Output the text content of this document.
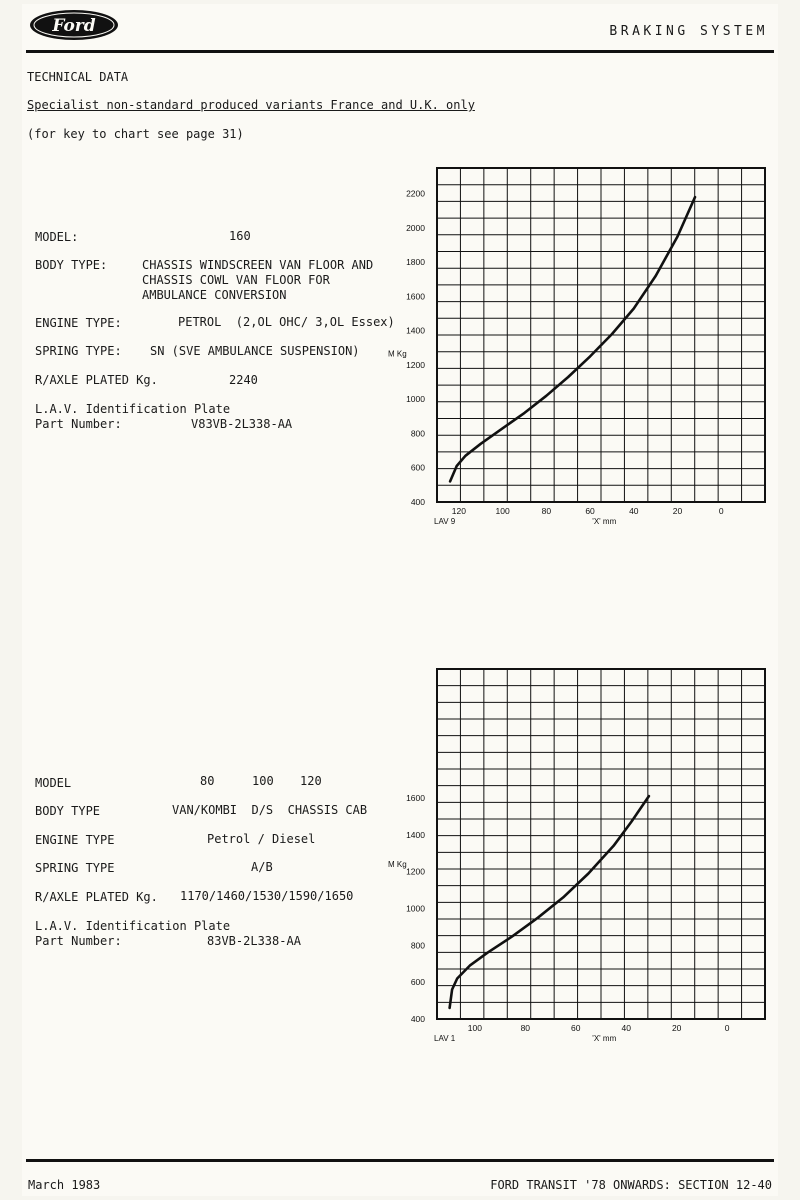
Ford	BRAKING SYSTEM
TECHNICAL DATA
Specialist non-standard produced variants France and U.K. only
(for key to chart see page 31)
MODEL:	160
BODY TYPE:	CHASSIS WINDSCREEN VAN FLOOR AND
CHASSIS COWL VAN FLOOR FOR
AMBULANCE CONVERSION
ENGINE TYPE:	PETROL  (2,OL OHC/ 3,OL Essex)
SPRING TYPE: SN (SVE AMBULANCE SUSPENSION)
R/AXLE PLATED Kg.	2240
L.A.V. Identification Plate
Part Number:	V83VB-2L338-AA
MODEL	80	100 120
BODY TYPE	VAN/KOMBI  D/S  CHASSIS CAB
ENGINE TYPE	Petrol / Diesel
SPRING TYPE	A/B
R/AXLE PLATED Kg. 1170/1460/1530/1590/1650
L.A.V. Identification Plate
Part Number:	83VB-2L338-AA
400
600
800
1000
1200
1400
1600
1800
2000
2200
120	100	80	60	40	20	0
M Kg
'X' mm
LAV 9
400
600
800
1000
1200
1400
1600
100	80	60	40	20	0
M Kg
'X' mm
LAV 1
March 1983	FORD TRANSIT '78 ONWARDS: SECTION 12-40
